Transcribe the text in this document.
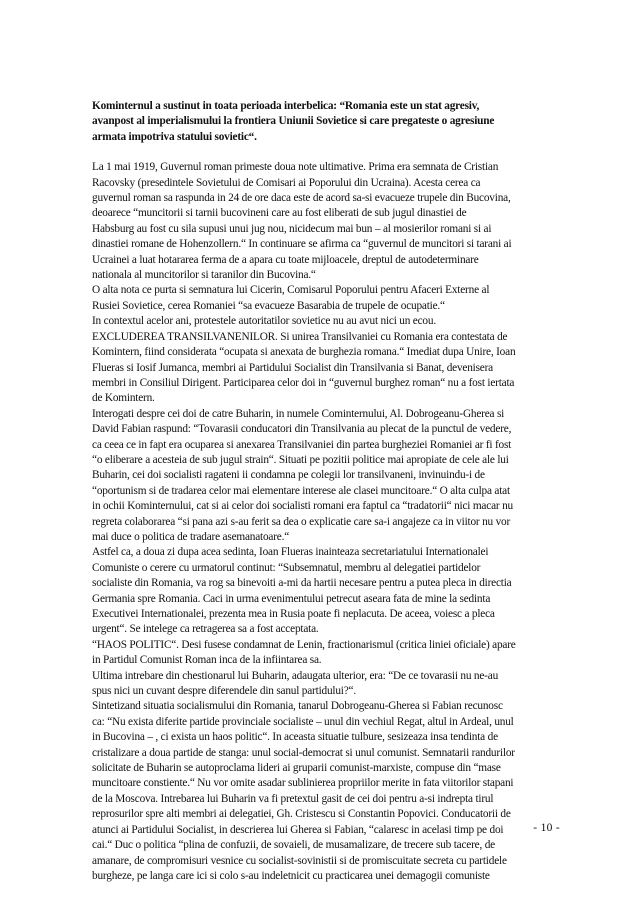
Kominternul a sustinut in toata perioada interbelica: “Romania este un stat agresiv,
avanpost al imperialismului la frontiera Uniunii Sovietice si care pregateste o agresiune
armata impotriva statului sovietic“.
La 1 mai 1919, Guvernul roman primeste doua note ultimative. Prima era semnata de Cristian
Racovsky (presedintele Sovietului de Comisari ai Poporului din Ucraina). Acesta cerea ca
guvernul roman sa raspunda in 24 de ore daca este de acord sa-si evacueze trupele din Bucovina,
deoarece “muncitorii si tarnii bucovineni care au fost eliberati de sub jugul dinastiei de
Habsburg au fost cu sila supusi unui jug nou, nicidecum mai bun – al mosierilor romani si ai
dinastiei romane de Hohenzollern.“ In continuare se afirma ca “guvernul de muncitori si tarani ai
Ucrainei a luat hotararea ferma de a apara cu toate mijloacele, dreptul de autodeterminare
nationala al muncitorilor si taranilor din Bucovina.“
O alta nota ce purta si semnatura lui Cicerin, Comisarul Poporului pentru Afaceri Externe al
Rusiei Sovietice, cerea Romaniei “sa evacueze Basarabia de trupele de ocupatie.“
In contextul acelor ani, protestele autoritatilor sovietice nu au avut nici un ecou.
EXCLUDEREA TRANSILVANENILOR. Si unirea Transilvaniei cu Romania era contestata de
Komintern, fiind considerata “ocupata si anexata de burghezia romana.“ Imediat dupa Unire, Ioan
Flueras si Iosif Jumanca, membri ai Partidului Socialist din Transilvania si Banat, devenisera
membri in Consiliul Dirigent. Participarea celor doi in “guvernul burghez roman“ nu a fost iertata
de Komintern.
Interogati despre cei doi de catre Buharin, in numele Cominternului, Al. Dobrogeanu-Gherea si
David Fabian raspund: “Tovarasii conducatori din Transilvania au plecat de la punctul de vedere,
ca ceea ce in fapt era ocuparea si anexarea Transilvaniei din partea burgheziei Romaniei ar fi fost
“o eliberare a acesteia de sub jugul strain“. Situati pe pozitii politice mai apropiate de cele ale lui
Buharin, cei doi socialisti ragateni ii condamna pe colegii lor transilvaneni, invinuindu-i de
“oportunism si de tradarea celor mai elementare interese ale clasei muncitoare.“ O alta culpa atat
in ochii Kominternului, cat si ai celor doi socialisti romani era faptul ca “tradatorii“ nici macar nu
regreta colaborarea “si pana azi s-au ferit sa dea o explicatie care sa-i angajeze ca in viitor nu vor
mai duce o politica de tradare asemanatoare.“
Astfel ca, a doua zi dupa acea sedinta, Ioan Flueras inainteaza secretariatului Internationalei
Comuniste o cerere cu urmatorul continut: “Subsemnatul, membru al delegatiei partidelor
socialiste din Romania, va rog sa binevoiti a-mi da hartii necesare pentru a putea pleca in directia
Germania spre Romania. Caci in urma evenimentului petrecut aseara fata de mine la sedinta
Executivei Internationalei, prezenta mea in Rusia poate fi neplacuta. De aceea, voiesc a pleca
urgent“. Se intelege ca retragerea sa a fost acceptata.
“HAOS POLITIC“. Desi fusese condamnat de Lenin, fractionarismul (critica liniei oficiale) apare
in Partidul Comunist Roman inca de la infiintarea sa.
Ultima intrebare din chestionarul lui Buharin, adaugata ulterior, era: “De ce tovarasii nu ne-au
spus nici un cuvant despre diferendele din sanul partidului?“.
Sintetizand situatia socialismului din Romania, tanarul Dobrogeanu-Gherea si Fabian recunosc
ca: “Nu exista diferite partide provinciale socialiste – unul din vechiul Regat, altul in Ardeal, unul
in Bucovina – , ci exista un haos politic“. In aceasta situatie tulbure, sesizeaza insa tendinta de
cristalizare a doua partide de stanga: unul social-democrat si unul comunist. Semnatarii randurilor
solicitate de Buharin se autoproclama lideri ai gruparii comunist-marxiste, compuse din “mase
muncitoare constiente.“ Nu vor omite asadar sublinierea propriilor merite in fata viitorilor stapani
de la Moscova. Intrebarea lui Buharin va fi pretextul gasit de cei doi pentru a-si indrepta tirul
reprosurilor spre alti membri ai delegatiei, Gh. Cristescu si Constantin Popovici. Conducatorii de
atunci ai Partidului Socialist, in descrierea lui Gherea si Fabian, “calaresc in acelasi timp pe doi
cai.“ Duc o politica “plina de confuzii, de sovaieli, de musamalizare, de trecere sub tacere, de
amanare, de compromisuri vesnice cu socialist-sovinistii si de promiscuitate secreta cu partidele
burgheze, pe langa care ici si colo s-au indeletnicit cu practicarea unei demagogii comuniste
- 10 -
